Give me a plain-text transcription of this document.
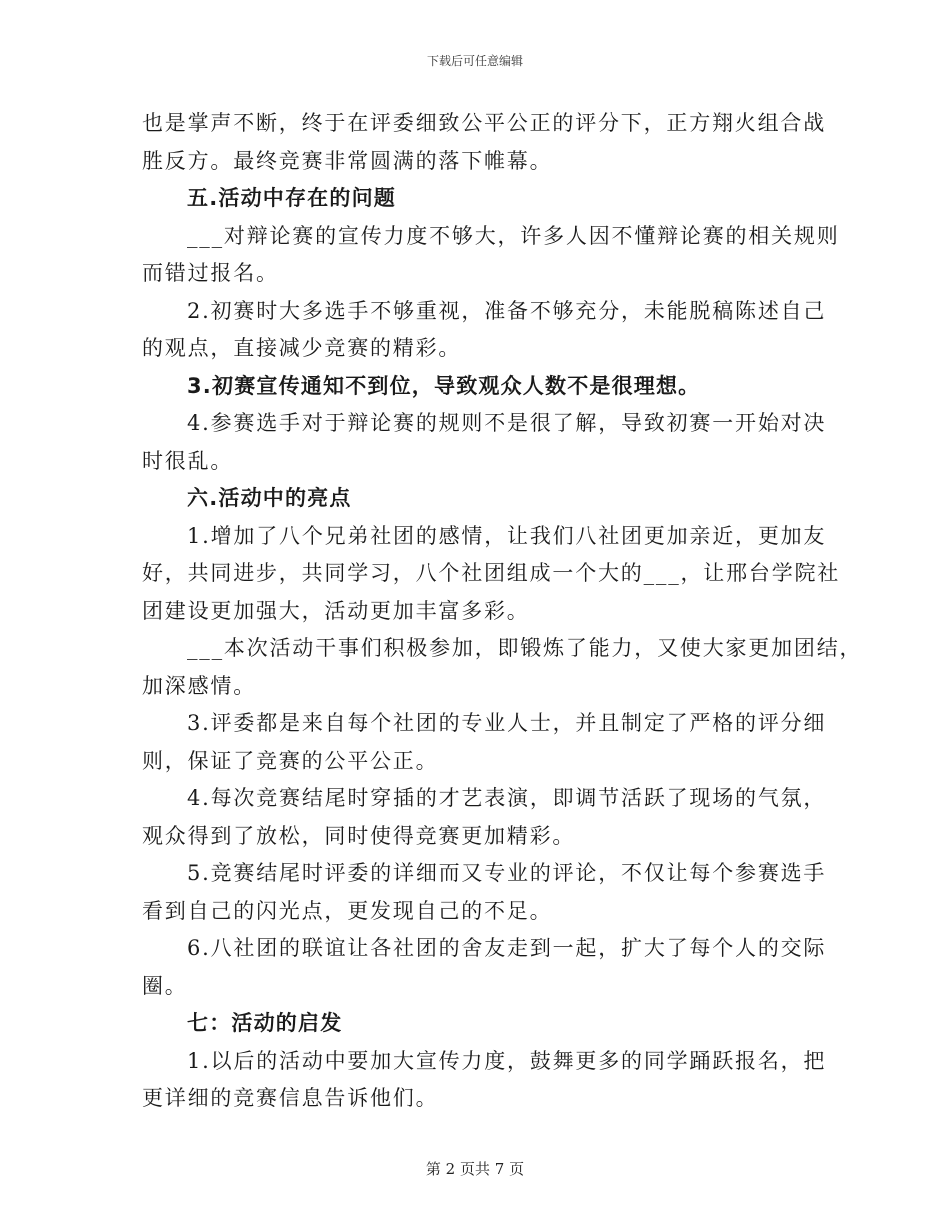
下载后可任意编辑
也是掌声不断，终于在评委细致公平公正的评分下，正方翔火组合战
胜反方。最终竞赛非常圆满的落下帷幕。
五.活动中存在的问题
___对辩论赛的宣传力度不够大，许多人因不懂辩论赛的相关规则
而错过报名。
2.初赛时大多选手不够重视，准备不够充分，未能脱稿陈述自己
的观点，直接减少竞赛的精彩。
3.初赛宣传通知不到位，导致观众人数不是很理想。
4.参赛选手对于辩论赛的规则不是很了解，导致初赛一开始对决
时很乱。
六.活动中的亮点
1.增加了八个兄弟社团的感情，让我们八社团更加亲近，更加友
好，共同进步，共同学习，八个社团组成一个大的___，让邢台学院社
团建设更加强大，活动更加丰富多彩。
___本次活动干事们积极参加，即锻炼了能力，又使大家更加团结，
加深感情。
3.评委都是来自每个社团的专业人士，并且制定了严格的评分细
则，保证了竞赛的公平公正。
4.每次竞赛结尾时穿插的才艺表演，即调节活跃了现场的气氛，
观众得到了放松，同时使得竞赛更加精彩。
5.竞赛结尾时评委的详细而又专业的评论，不仅让每个参赛选手
看到自己的闪光点，更发现自己的不足。
6.八社团的联谊让各社团的舍友走到一起，扩大了每个人的交际
圈。
七：活动的启发
1.以后的活动中要加大宣传力度，鼓舞更多的同学踊跃报名，把
更详细的竞赛信息告诉他们。
第 2 页共 7 页
